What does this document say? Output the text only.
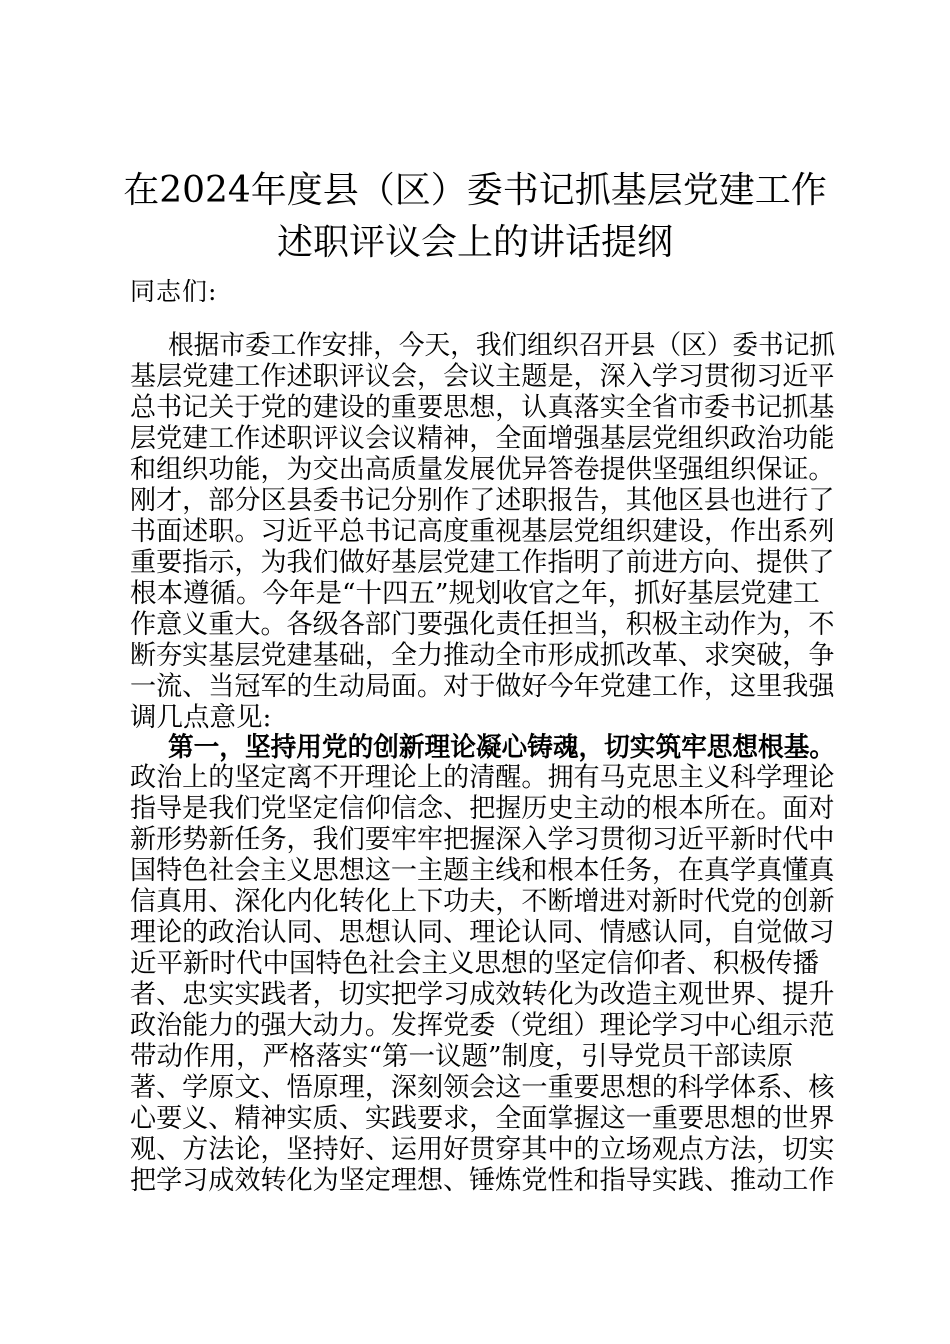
在2024年度县（区）委书记抓基层党建工作
述职评议会上的讲话提纲
同志们:
根据市委工作安排，今天，我们组织召开县（区）委书记抓
基层党建工作述职评议会，会议主题是，深入学习贯彻习近平
总书记关于党的建设的重要思想，认真落实全省市委书记抓基
层党建工作述职评议会议精神，全面增强基层党组织政治功能
和组织功能，为交出高质量发展优异答卷提供坚强组织保证。
刚才，部分区县委书记分别作了述职报告，其他区县也进行了
书面述职。习近平总书记高度重视基层党组织建设，作出系列
重要指示，为我们做好基层党建工作指明了前进方向、提供了
根本遵循。今年是“十四五”规划收官之年，抓好基层党建工
作意义重大。各级各部门要强化责任担当，积极主动作为，不
断夯实基层党建基础，全力推动全市形成抓改革、求突破，争
一流、当冠军的生动局面。对于做好今年党建工作，这里我强
调几点意见:
第一，坚持用党的创新理论凝心铸魂，切实筑牢思想根基。
政治上的坚定离不开理论上的清醒。拥有马克思主义科学理论
指导是我们党坚定信仰信念、把握历史主动的根本所在。面对
新形势新任务，我们要牢牢把握深入学习贯彻习近平新时代中
国特色社会主义思想这一主题主线和根本任务，在真学真懂真
信真用、深化内化转化上下功夫，不断增进对新时代党的创新
理论的政治认同、思想认同、理论认同、情感认同，自觉做习
近平新时代中国特色社会主义思想的坚定信仰者、积极传播
者、忠实实践者，切实把学习成效转化为改造主观世界、提升
政治能力的强大动力。发挥党委（党组）理论学习中心组示范
带动作用，严格落实“第一议题”制度，引导党员干部读原
著、学原文、悟原理，深刻领会这一重要思想的科学体系、核
心要义、精神实质、实践要求，全面掌握这一重要思想的世界
观、方法论，坚持好、运用好贯穿其中的立场观点方法，切实
把学习成效转化为坚定理想、锤炼党性和指导实践、推动工作
